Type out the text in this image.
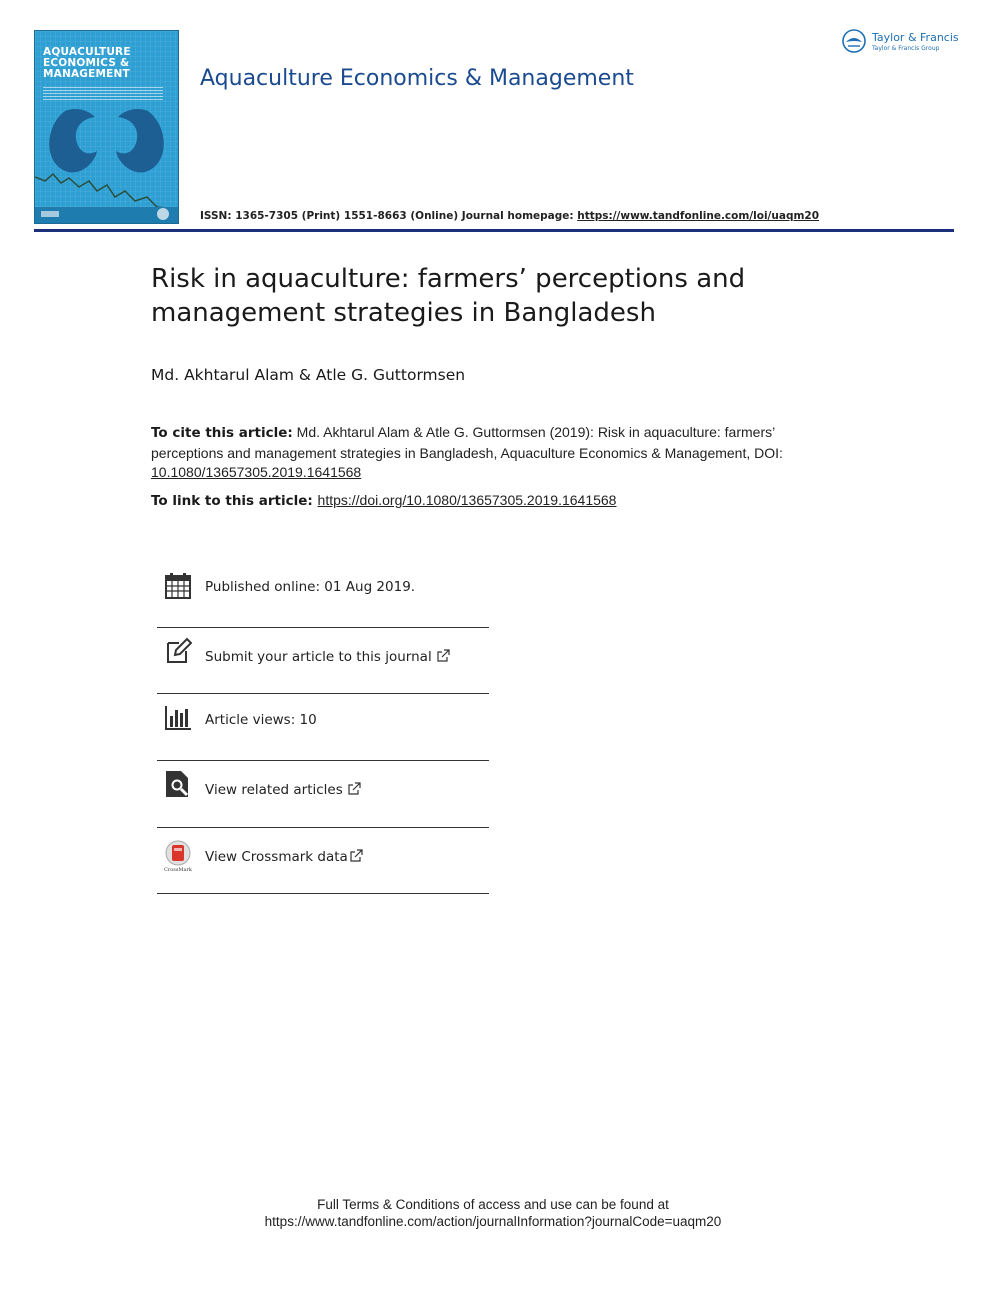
AQUACULTURE
ECONOMICS &
MANAGEMENT	Aquaculture Economics & Management
Taylor & Francis
Taylor & Francis Group
ISSN: 1365-7305 (Print) 1551-8663 (Online) Journal homepage: https://www.tandfonline.com/loi/uaqm20
Risk in aquaculture: farmers’ perceptions and management strategies in Bangladesh
Md. Akhtarul Alam & Atle G. Guttormsen
To cite this article: Md. Akhtarul Alam & Atle G. Guttormsen (2019): Risk in aquaculture: farmers’ perceptions and management strategies in Bangladesh, Aquaculture Economics & Management, DOI: 10.1080/13657305.2019.1641568
To link to this article: https://doi.org/10.1080/13657305.2019.1641568
Published online: 01 Aug 2019.
Submit your article to this journal
Article views: 10
View related articles
CrossMark
View Crossmark data
Full Terms & Conditions of access and use can be found at
https://www.tandfonline.com/action/journalInformation?journalCode=uaqm20
